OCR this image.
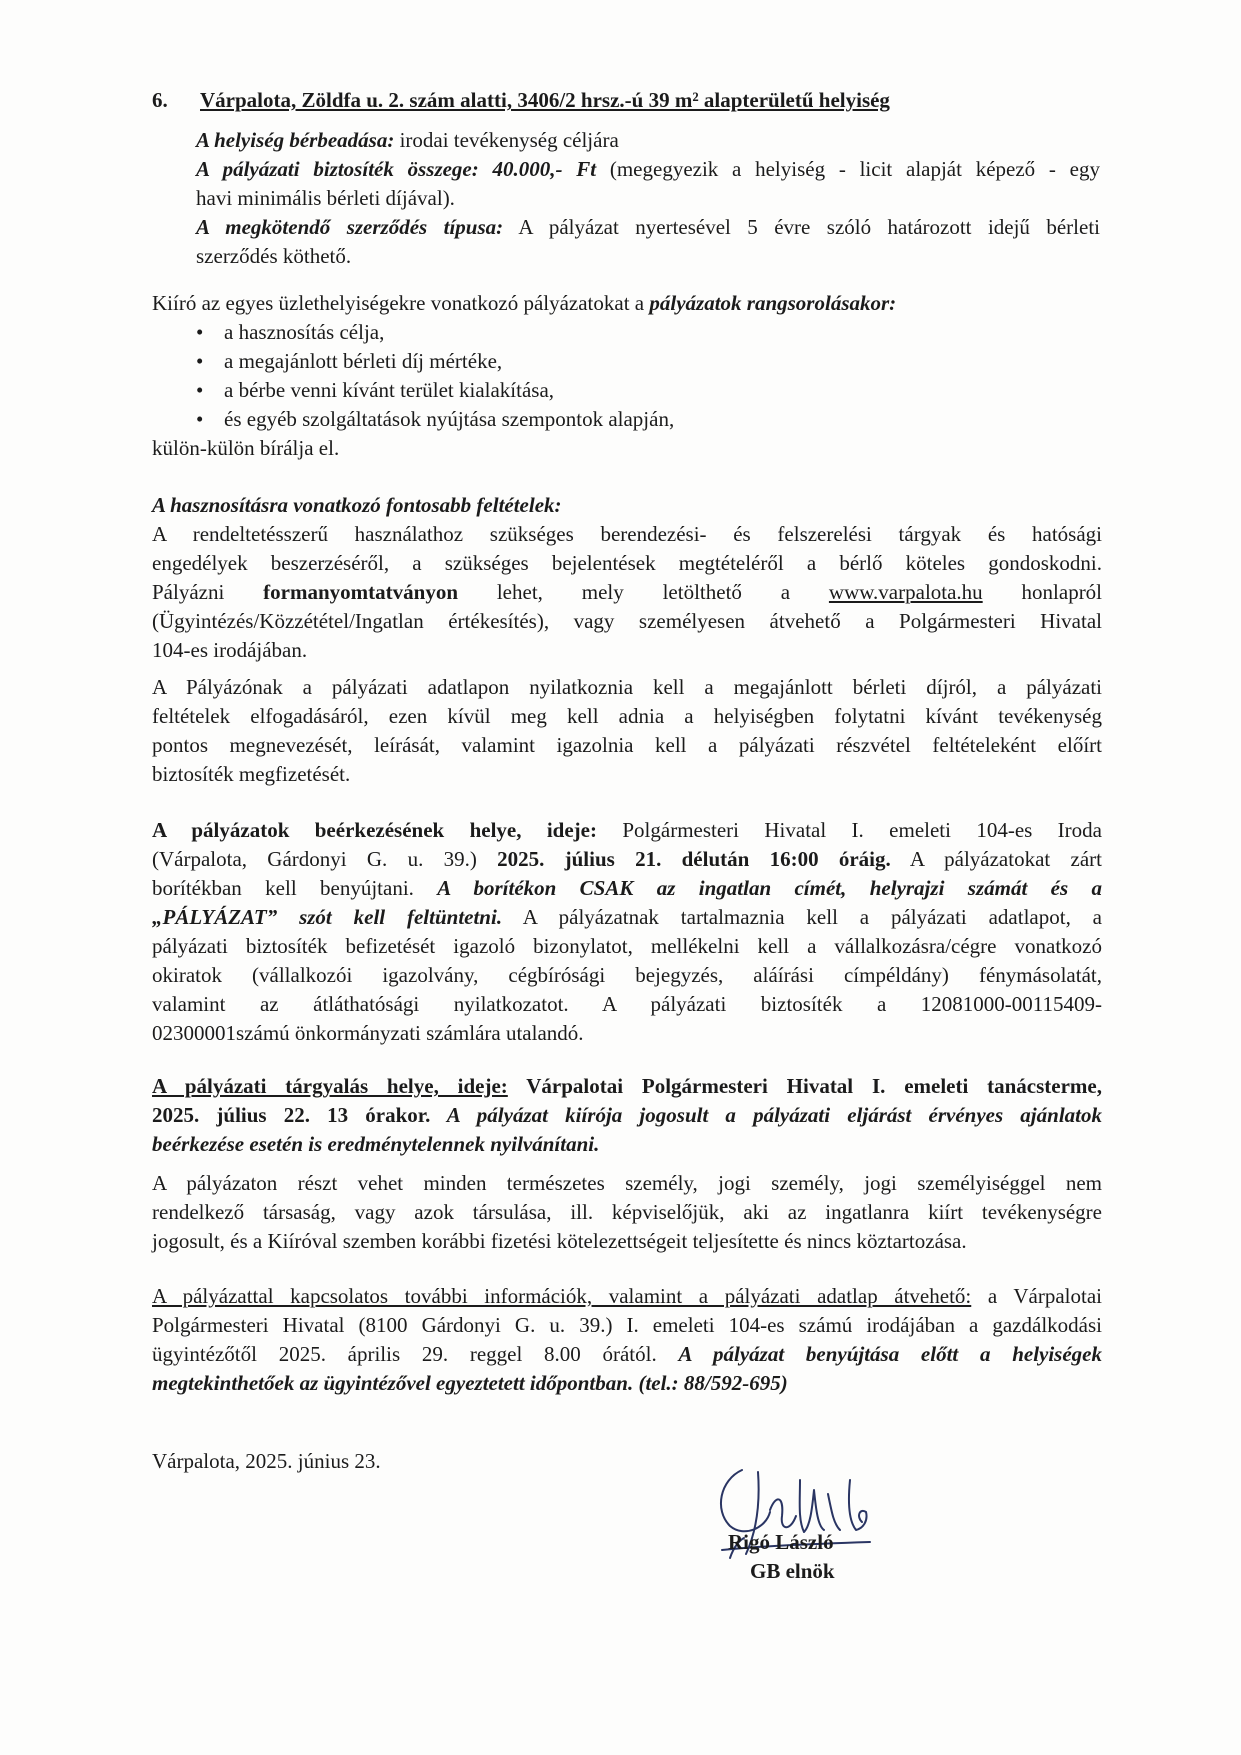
6. Várpalota, Zöldfa u. 2. szám alatti, 3406/2 hrsz.-ú 39 m² alapterületű helyiség
A helyiség bérbeadása: irodai tevékenység céljára
A pályázati biztosíték összege: 40.000,- Ft (megegyezik a helyiség - licit alapját képező - egy
havi minimális bérleti díjával).
A megkötendő szerződés típusa: A pályázat nyertesével 5 évre szóló határozott idejű bérleti
szerződés köthető.
Kiíró az egyes üzlethelyiségekre vonatkozó pályázatokat a pályázatok rangsorolásakor:
• a hasznosítás célja,
• a megajánlott bérleti díj mértéke,
• a bérbe venni kívánt terület kialakítása,
• és egyéb szolgáltatások nyújtása szempontok alapján,
külön-külön bírálja el.
A hasznosításra vonatkozó fontosabb feltételek:
A rendeltetésszerű használathoz szükséges berendezési- és felszerelési tárgyak és hatósági
engedélyek beszerzéséről, a szükséges bejelentések megtételéről a bérlő köteles gondoskodni.
Pályázni formanyomtatványon lehet, mely letölthető a www.varpalota.hu honlapról
(Ügyintézés/Közzététel/Ingatlan értékesítés), vagy személyesen átvehető a Polgármesteri Hivatal
104-es irodájában.
A Pályázónak a pályázati adatlapon nyilatkoznia kell a megajánlott bérleti díjról, a pályázati
feltételek elfogadásáról, ezen kívül meg kell adnia a helyiségben folytatni kívánt tevékenység
pontos megnevezését, leírását, valamint igazolnia kell a pályázati részvétel feltételeként előírt
biztosíték megfizetését.
A pályázatok beérkezésének helye, ideje: Polgármesteri Hivatal I. emeleti 104-es Iroda
(Várpalota, Gárdonyi G. u. 39.) 2025. július 21. délután 16:00 óráig. A pályázatokat zárt
borítékban kell benyújtani. A borítékon CSAK az ingatlan címét, helyrajzi számát és a
„PÁLYÁZAT” szót kell feltüntetni. A pályázatnak tartalmaznia kell a pályázati adatlapot, a
pályázati biztosíték befizetését igazoló bizonylatot, mellékelni kell a vállalkozásra/cégre vonatkozó
okiratok (vállalkozói igazolvány, cégbírósági bejegyzés, aláírási címpéldány) fénymásolatát,
valamint az átláthatósági nyilatkozatot. A pályázati biztosíték a 12081000-00115409-
02300001számú önkormányzati számlára utalandó.
A pályázati tárgyalás helye, ideje: Várpalotai Polgármesteri Hivatal I. emeleti tanácsterme,
2025. július 22. 13 órakor. A pályázat kiírója jogosult a pályázati eljárást érvényes ajánlatok
beérkezése esetén is eredménytelennek nyilvánítani.
A pályázaton részt vehet minden természetes személy, jogi személy, jogi személyiséggel nem
rendelkező társaság, vagy azok társulása, ill. képviselőjük, aki az ingatlanra kiírt tevékenységre
jogosult, és a Kiíróval szemben korábbi fizetési kötelezettségeit teljesítette és nincs köztartozása.
A pályázattal kapcsolatos további információk, valamint a pályázati adatlap átvehető: a Várpalotai
Polgármesteri Hivatal (8100 Gárdonyi G. u. 39.) I. emeleti 104-es számú irodájában a gazdálkodási
ügyintézőtől 2025. április 29. reggel 8.00 órától. A pályázat benyújtása előtt a helyiségek
megtekinthetőek az ügyintézővel egyeztetett időpontban. (tel.: 88/592-695)
Várpalota, 2025. június 23.
Rigó László
GB elnök
